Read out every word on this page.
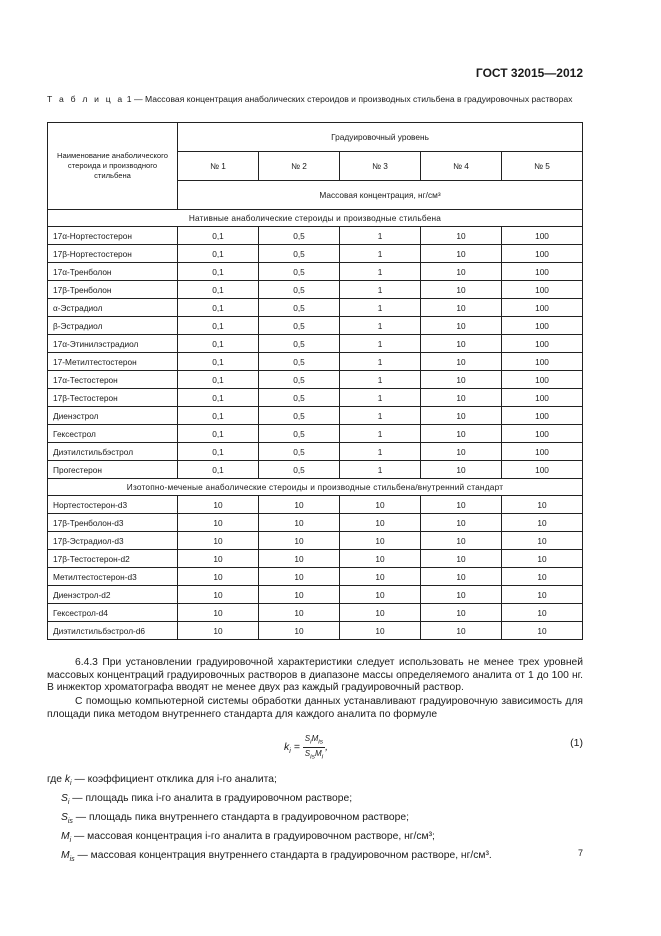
ГОСТ 32015—2012
Т а б л и ц а 1 — Массовая концентрация анаболических стероидов и производных стильбена в градуировочных растворах
Наименование анаболического стероида и производного стильбена	Градуировочный уровень				
	№ 1	№ 2	№ 3	№ 4	№ 5
	Массовая концентрация, нг/см³				
Нативные анаболические стероиды и производные стильбена					
17α-Нортестостерон	0,1	0,5	1	10	100
17β-Нортестостерон	0,1	0,5	1	10	100
17α-Тренболон	0,1	0,5	1	10	100
17β-Тренболон	0,1	0,5	1	10	100
α-Эстрадиол	0,1	0,5	1	10	100
β-Эстрадиол	0,1	0,5	1	10	100
17α-Этинилэстрадиол	0,1	0,5	1	10	100
17-Метилтестостерон	0,1	0,5	1	10	100
17α-Тестостерон	0,1	0,5	1	10	100
17β-Тестостерон	0,1	0,5	1	10	100
Диенэстрол	0,1	0,5	1	10	100
Гексестрол	0,1	0,5	1	10	100
Диэтилстильбэстрол	0,1	0,5	1	10	100
Прогестерон	0,1	0,5	1	10	100
Изотопно-меченые анаболические стероиды и производные стильбена/внутренний стандарт					
Нортестостерон-d3	10	10	10	10	10
17β-Тренболон-d3	10	10	10	10	10
17β-Эстрадиол-d3	10	10	10	10	10
17β-Тестостерон-d2	10	10	10	10	10
Метилтестостерон-d3	10	10	10	10	10
Диенэстрол-d2	10	10	10	10	10
Гексестрол-d4	10	10	10	10	10
Диэтилстильбэстрол-d6	10	10	10	10	10
6.4.3 При установлении градуировочной характеристики следует использовать не менее трех уровней массовых концентраций градуировочных растворов в диапазоне массы определяемого аналита от 1 до 100 нг. В инжектор хроматографа вводят не менее двух раз каждый градуировочный раствор.
С помощью компьютерной системы обработки данных устанавливают градуировочную зависимость для площади пика методом внутреннего стандарта для каждого аналита по формуле
$k_i = \frac{S_iM_{is}}{S_{is}M_i}$ ,	(1)
где $k_i$ — коэффициент отклика для i-го аналита;
$S_i$ — площадь пика i-го аналита в градуировочном растворе;
$S_{is}$ — площадь пика внутреннего стандарта в градуировочном растворе;
$M_i$ — массовая концентрация i-го аналита в градуировочном растворе, нг/см³;
$M_{is}$ — массовая концентрация внутреннего стандарта в градуировочном растворе, нг/см³.	7
